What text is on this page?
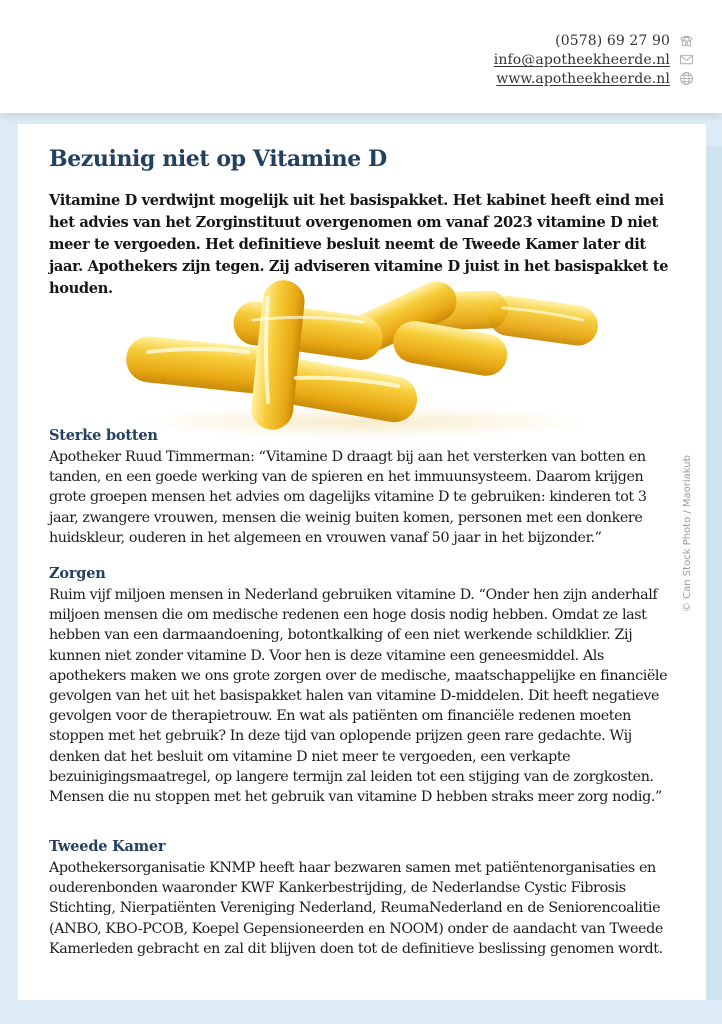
(0578) 69 27 90
info@apotheekheerde.nl
www.apotheekheerde.nl
© Can Stock Photo / Maoriakub
Bezuinig niet op Vitamine D

Vitamine D verdwijnt mogelijk uit het basispakket. Het kabinet heeft eind mei het advies van het Zorginstituut overgenomen om vanaf 2023 vitamine D niet meer te vergoeden. Het definitieve besluit neemt de Tweede Kamer later dit jaar. Apothekers zijn tegen. Zij adviseren vitamine D juist in het basispakket te houden.

Sterke botten

Apotheker Ruud Timmerman: “Vitamine D draagt bij aan het versterken van botten en tanden, en een goede werking van de spieren en het immuunsysteem. Daarom krijgen grote groepen mensen het advies om dagelijks vitamine D te gebruiken: kinderen tot 3 jaar, zwangere vrouwen, mensen die weinig buiten komen, personen met een donkere huidskleur, ouderen in het algemeen en vrouwen vanaf 50 jaar in het bijzonder.”

Zorgen

Ruim vijf miljoen mensen in Nederland gebruiken vitamine D. “Onder hen zijn anderhalf miljoen mensen die om medische redenen een hoge dosis nodig hebben. Omdat ze last hebben van een darmaandoening, botontkalking of een niet werkende schildklier. Zij kunnen niet zonder vitamine D. Voor hen is deze vitamine een geneesmiddel. Als apothekers maken we ons grote zorgen over de medische, maatschappelijke en financiële gevolgen van het uit het basispakket halen van vitamine D-middelen. Dit heeft negatieve gevolgen voor de therapietrouw. En wat als patiënten om financiële redenen moeten stoppen met het gebruik? In deze tijd van oplopende prijzen geen rare gedachte. Wij denken dat het besluit om vitamine D niet meer te vergoeden, een verkapte bezuinigingsmaatregel, op langere termijn zal leiden tot een stijging van de zorgkosten. Mensen die nu stoppen met het gebruik van vitamine D hebben straks meer zorg nodig.”

Tweede Kamer

Apothekersorganisatie KNMP heeft haar bezwaren samen met patiëntenorganisaties en ouderenbonden waaronder KWF Kankerbestrijding, de Nederlandse Cystic Fibrosis Stichting, Nierpatiënten Vereniging Nederland, ReumaNederland en de Seniorencoalitie (ANBO, KBO-PCOB, Koepel Gepensioneerden en NOOM) onder de aandacht van Tweede Kamerleden gebracht en zal dit blijven doen tot de definitieve beslissing genomen wordt.
